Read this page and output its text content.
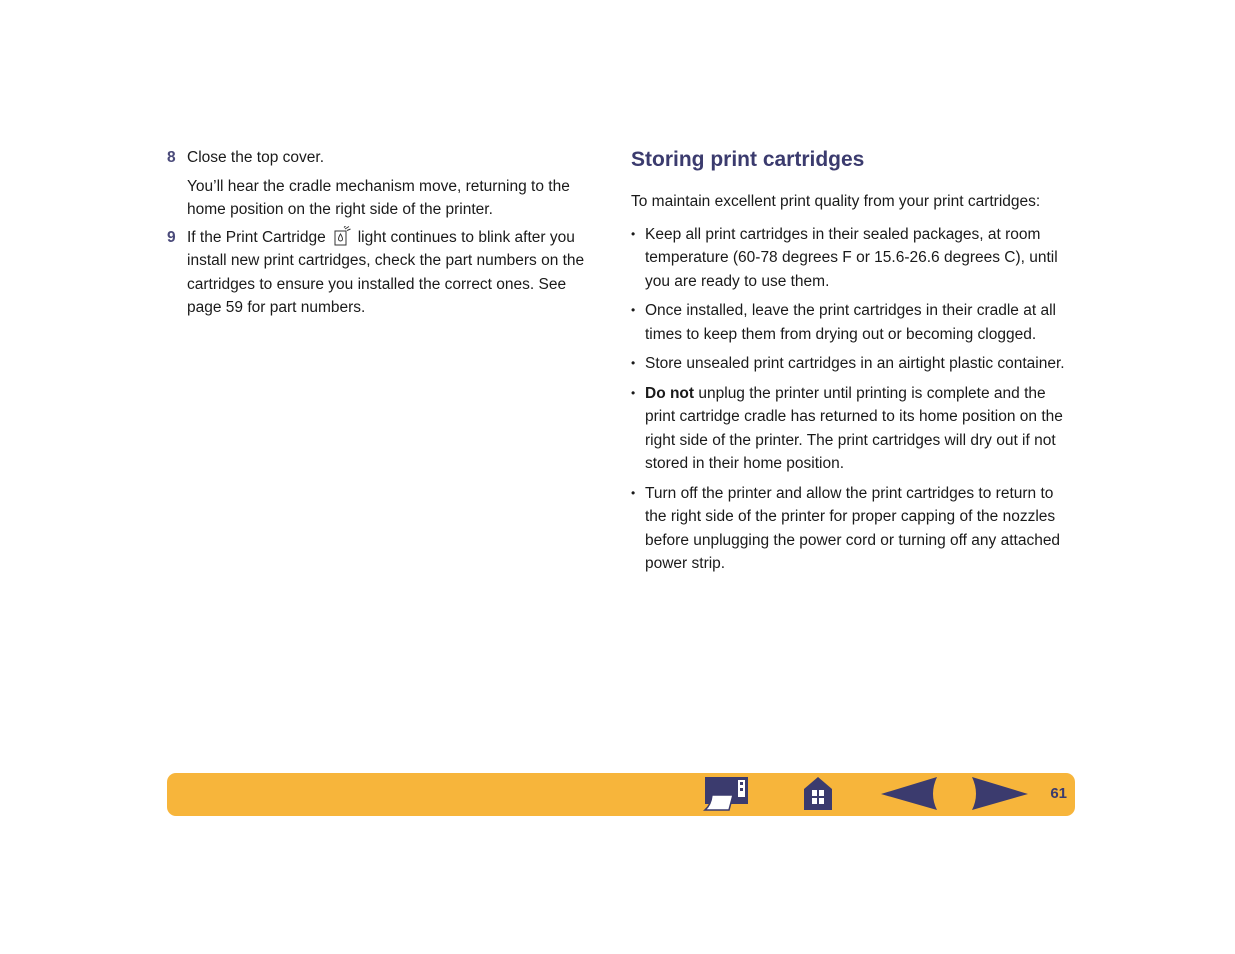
8 Close the top cover.

You’ll hear the cradle mechanism move, returning to the home position on the right side of the printer.

9 If the Print Cartridge light continues to blink after you install new print cartridges, check the part numbers on the cartridges to ensure you installed the correct ones. See page 59 for part numbers.

Storing print cartridges

To maintain excellent print quality from your print cartridges:

• Keep all print cartridges in their sealed packages, at room temperature (60-78 degrees F or 15.6-26.6 degrees C), until you are ready to use them.
• Once installed, leave the print cartridges in their cradle at all times to keep them from drying out or becoming clogged.
• Store unsealed print cartridges in an airtight plastic container.
• Do not unplug the printer until printing is complete and the print cartridge cradle has returned to its home position on the right side of the printer. The print cartridges will dry out if not stored in their home position.
• Turn off the printer and allow the print cartridges to return to the right side of the printer for proper capping of the nozzles before unplugging the power cord or turning off any attached power strip.
61
